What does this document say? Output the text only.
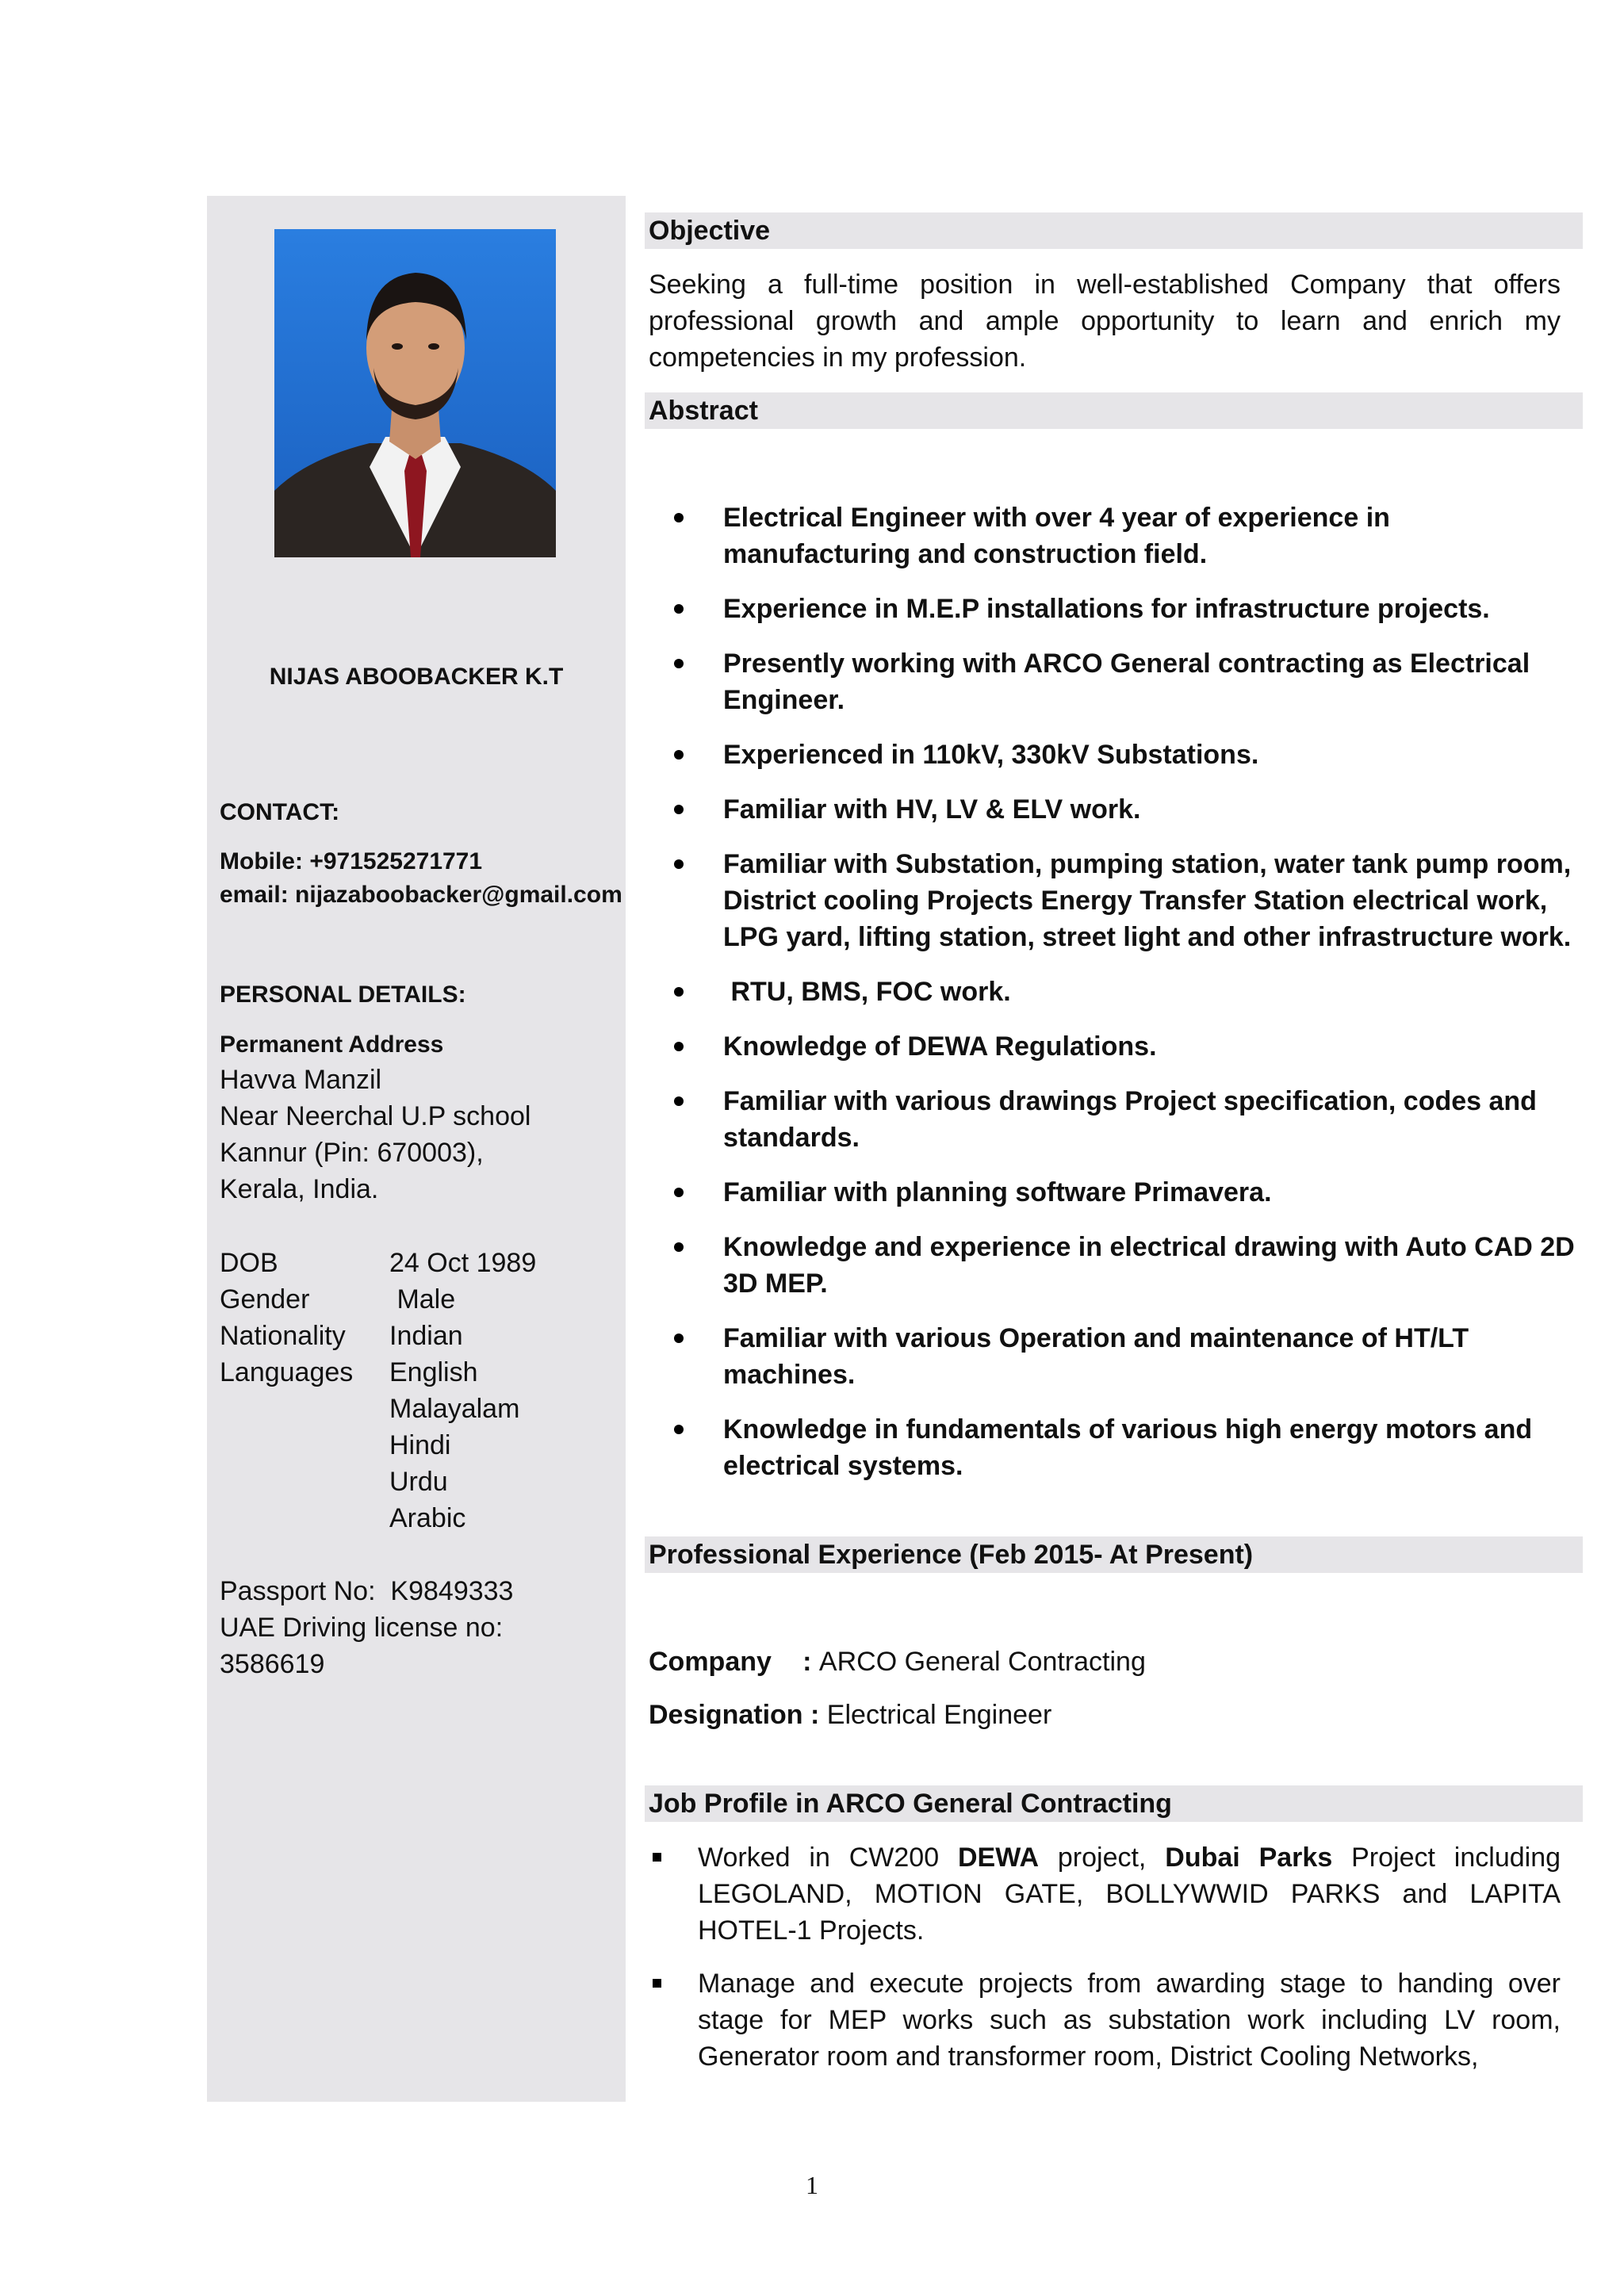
NIJAS ABOOBACKER K.T
CONTACT:
Mobile: +971525271771
email: nijazaboobacker@gmail.com
PERSONAL DETAILS:
Permanent Address
Havva Manzil
Near Neerchal U.P school
Kannur (Pin: 670003),
Kerala, India.
DOB	24 Oct 1989
Gender	Male
Nationality	Indian
Languages	English
Malayalam
Hindi
Urdu
Arabic
Passport No:  K9849333
UAE Driving license no:
3586619
Objective
Seeking a full-time position in well-established Company that offers professional growth and ample opportunity to learn and enrich my competencies in my profession.
Abstract
Electrical Engineer with over 4 year of experience in manufacturing and construction field.
Experience in M.E.P installations for infrastructure projects.
Presently working with ARCO General contracting as Electrical Engineer.
Experienced in 110kV, 330kV Substations.
Familiar with HV, LV & ELV work.
Familiar with Substation, pumping station, water tank pump room, District cooling Projects Energy Transfer Station electrical work, LPG yard, lifting station, street light and other infrastructure work.
RTU, BMS, FOC work.
Knowledge of DEWA Regulations.
Familiar with various drawings Project specification, codes and standards.
Familiar with planning software Primavera.
Knowledge and experience in electrical drawing with Auto CAD 2D 3D MEP.
Familiar with various Operation and maintenance of HT/LT machines.
Knowledge in fundamentals of various high energy motors and electrical systems.
Professional Experience (Feb 2015- At Present)
Company : ARCO General Contracting
Designation : Electrical Engineer
Job Profile in ARCO General Contracting
Worked in CW200 DEWA project, Dubai Parks Project including LEGOLAND, MOTION GATE, BOLLYWWID PARKS and LAPITA HOTEL-1 Projects.
Manage and execute projects from awarding stage to handing over stage for MEP works such as substation work including LV room, Generator room and transformer room, District Cooling Networks,
1
